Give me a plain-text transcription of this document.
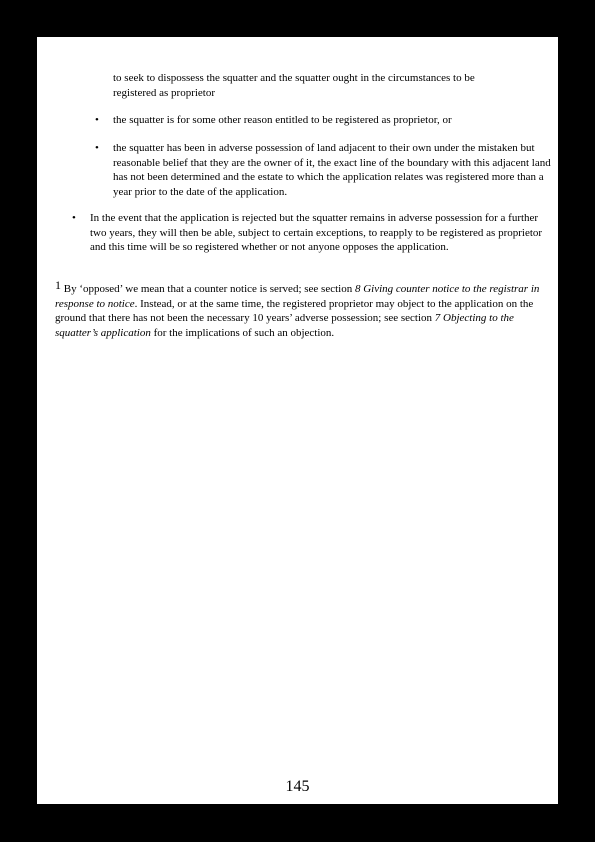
to seek to dispossess the squatter and the squatter ought in the circumstances to be registered as proprietor

• the squatter is for some other reason entitled to be registered as proprietor, or

• the squatter has been in adverse possession of land adjacent to their own under the mistaken but reasonable belief that they are the owner of it, the exact line of the boundary with this adjacent land has not been determined and the estate to which the application relates was registered more than a year prior to the date of the application.

• In the event that the application is rejected but the squatter remains in adverse possession for a further two years, they will then be able, subject to certain exceptions, to reapply to be registered as proprietor and this time will be so registered whether or not anyone opposes the application.

$^1$ By ‘opposed’ we mean that a counter notice is served; see section 8 Giving counter notice to the registrar in response to notice. Instead, or at the same time, the registered proprietor may object to the application on the ground that there has not been the necessary 10 years’ adverse possession; see section 7 Objecting to the squatter’s application for the implications of such an objection.

145
